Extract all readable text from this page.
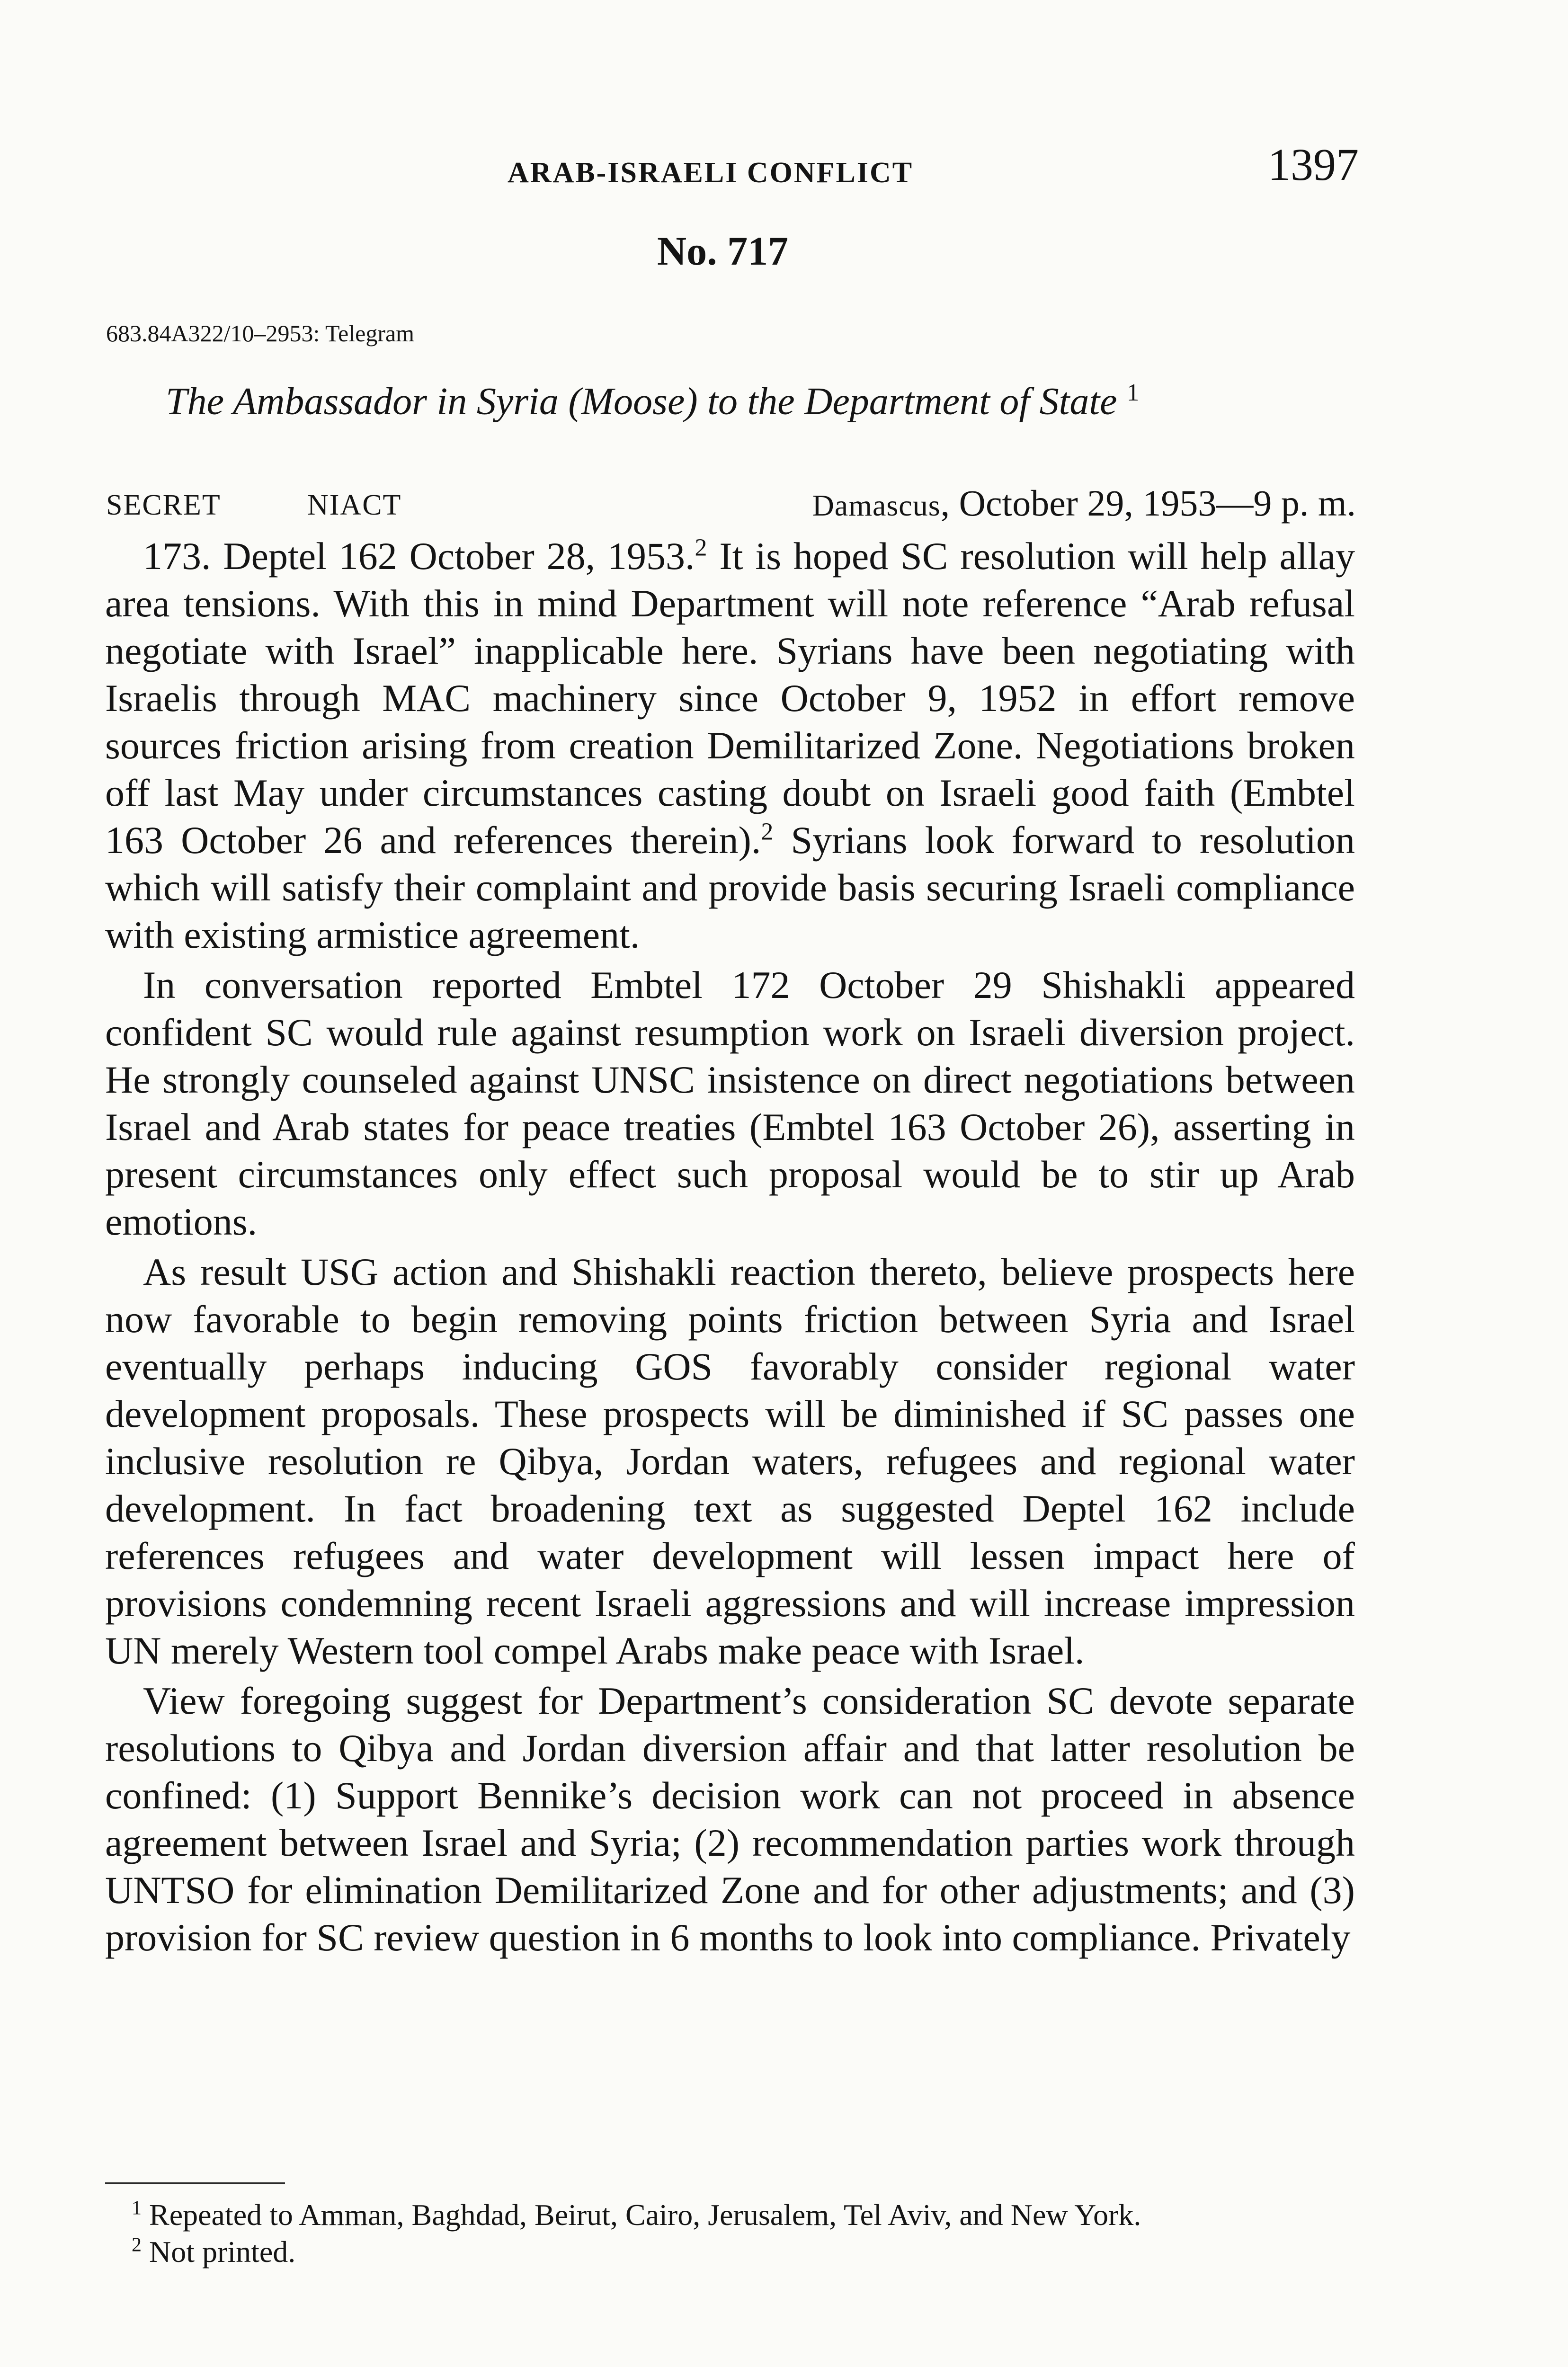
ARAB-ISRAELI CONFLICT	1397
No. 717
683.84A322/10–2953: Telegram
The Ambassador in Syria (Moose) to the Department of State $^1$
SECRET	NIACT	Damascus, October 29, 1953—9 p. m.

173. Deptel 162 October 28, 1953.$^2$ It is hoped SC resolution will help allay area tensions. With this in mind Department will note reference “Arab refusal negotiate with Israel” inapplicable here. Syrians have been negotiating with Israelis through MAC machinery since October 9, 1952 in effort remove sources friction arising from creation Demilitarized Zone. Negotiations broken off last May under circumstances casting doubt on Israeli good faith (Embtel 163 October 26 and references therein).$^2$ Syrians look forward to resolution which will satisfy their complaint and provide basis securing Israeli compliance with existing armistice agreement.

In conversation reported Embtel 172 October 29 Shishakli appeared confident SC would rule against resumption work on Israeli diversion project. He strongly counseled against UNSC insistence on direct negotiations between Israel and Arab states for peace treaties (Embtel 163 October 26), asserting in present circumstances only effect such proposal would be to stir up Arab emotions.

As result USG action and Shishakli reaction thereto, believe prospects here now favorable to begin removing points friction between Syria and Israel eventually perhaps inducing GOS favorably consider regional water development proposals. These prospects will be diminished if SC passes one inclusive resolution re Qibya, Jordan waters, refugees and regional water development. In fact broadening text as suggested Deptel 162 include references refugees and water development will lessen impact here of provisions condemning recent Israeli aggressions and will increase impression UN merely Western tool compel Arabs make peace with Israel.

View foregoing suggest for Department’s consideration SC devote separate resolutions to Qibya and Jordan diversion affair and that latter resolution be confined: (1) Support Bennike’s decision work can not proceed in absence agreement between Israel and Syria; (2) recommendation parties work through UNTSO for elimination Demilitarized Zone and for other adjustments; and (3) provision for SC review question in 6 months to look into compliance. Privately

$^1$ Repeated to Amman, Baghdad, Beirut, Cairo, Jerusalem, Tel Aviv, and New York.

$^2$ Not printed.
